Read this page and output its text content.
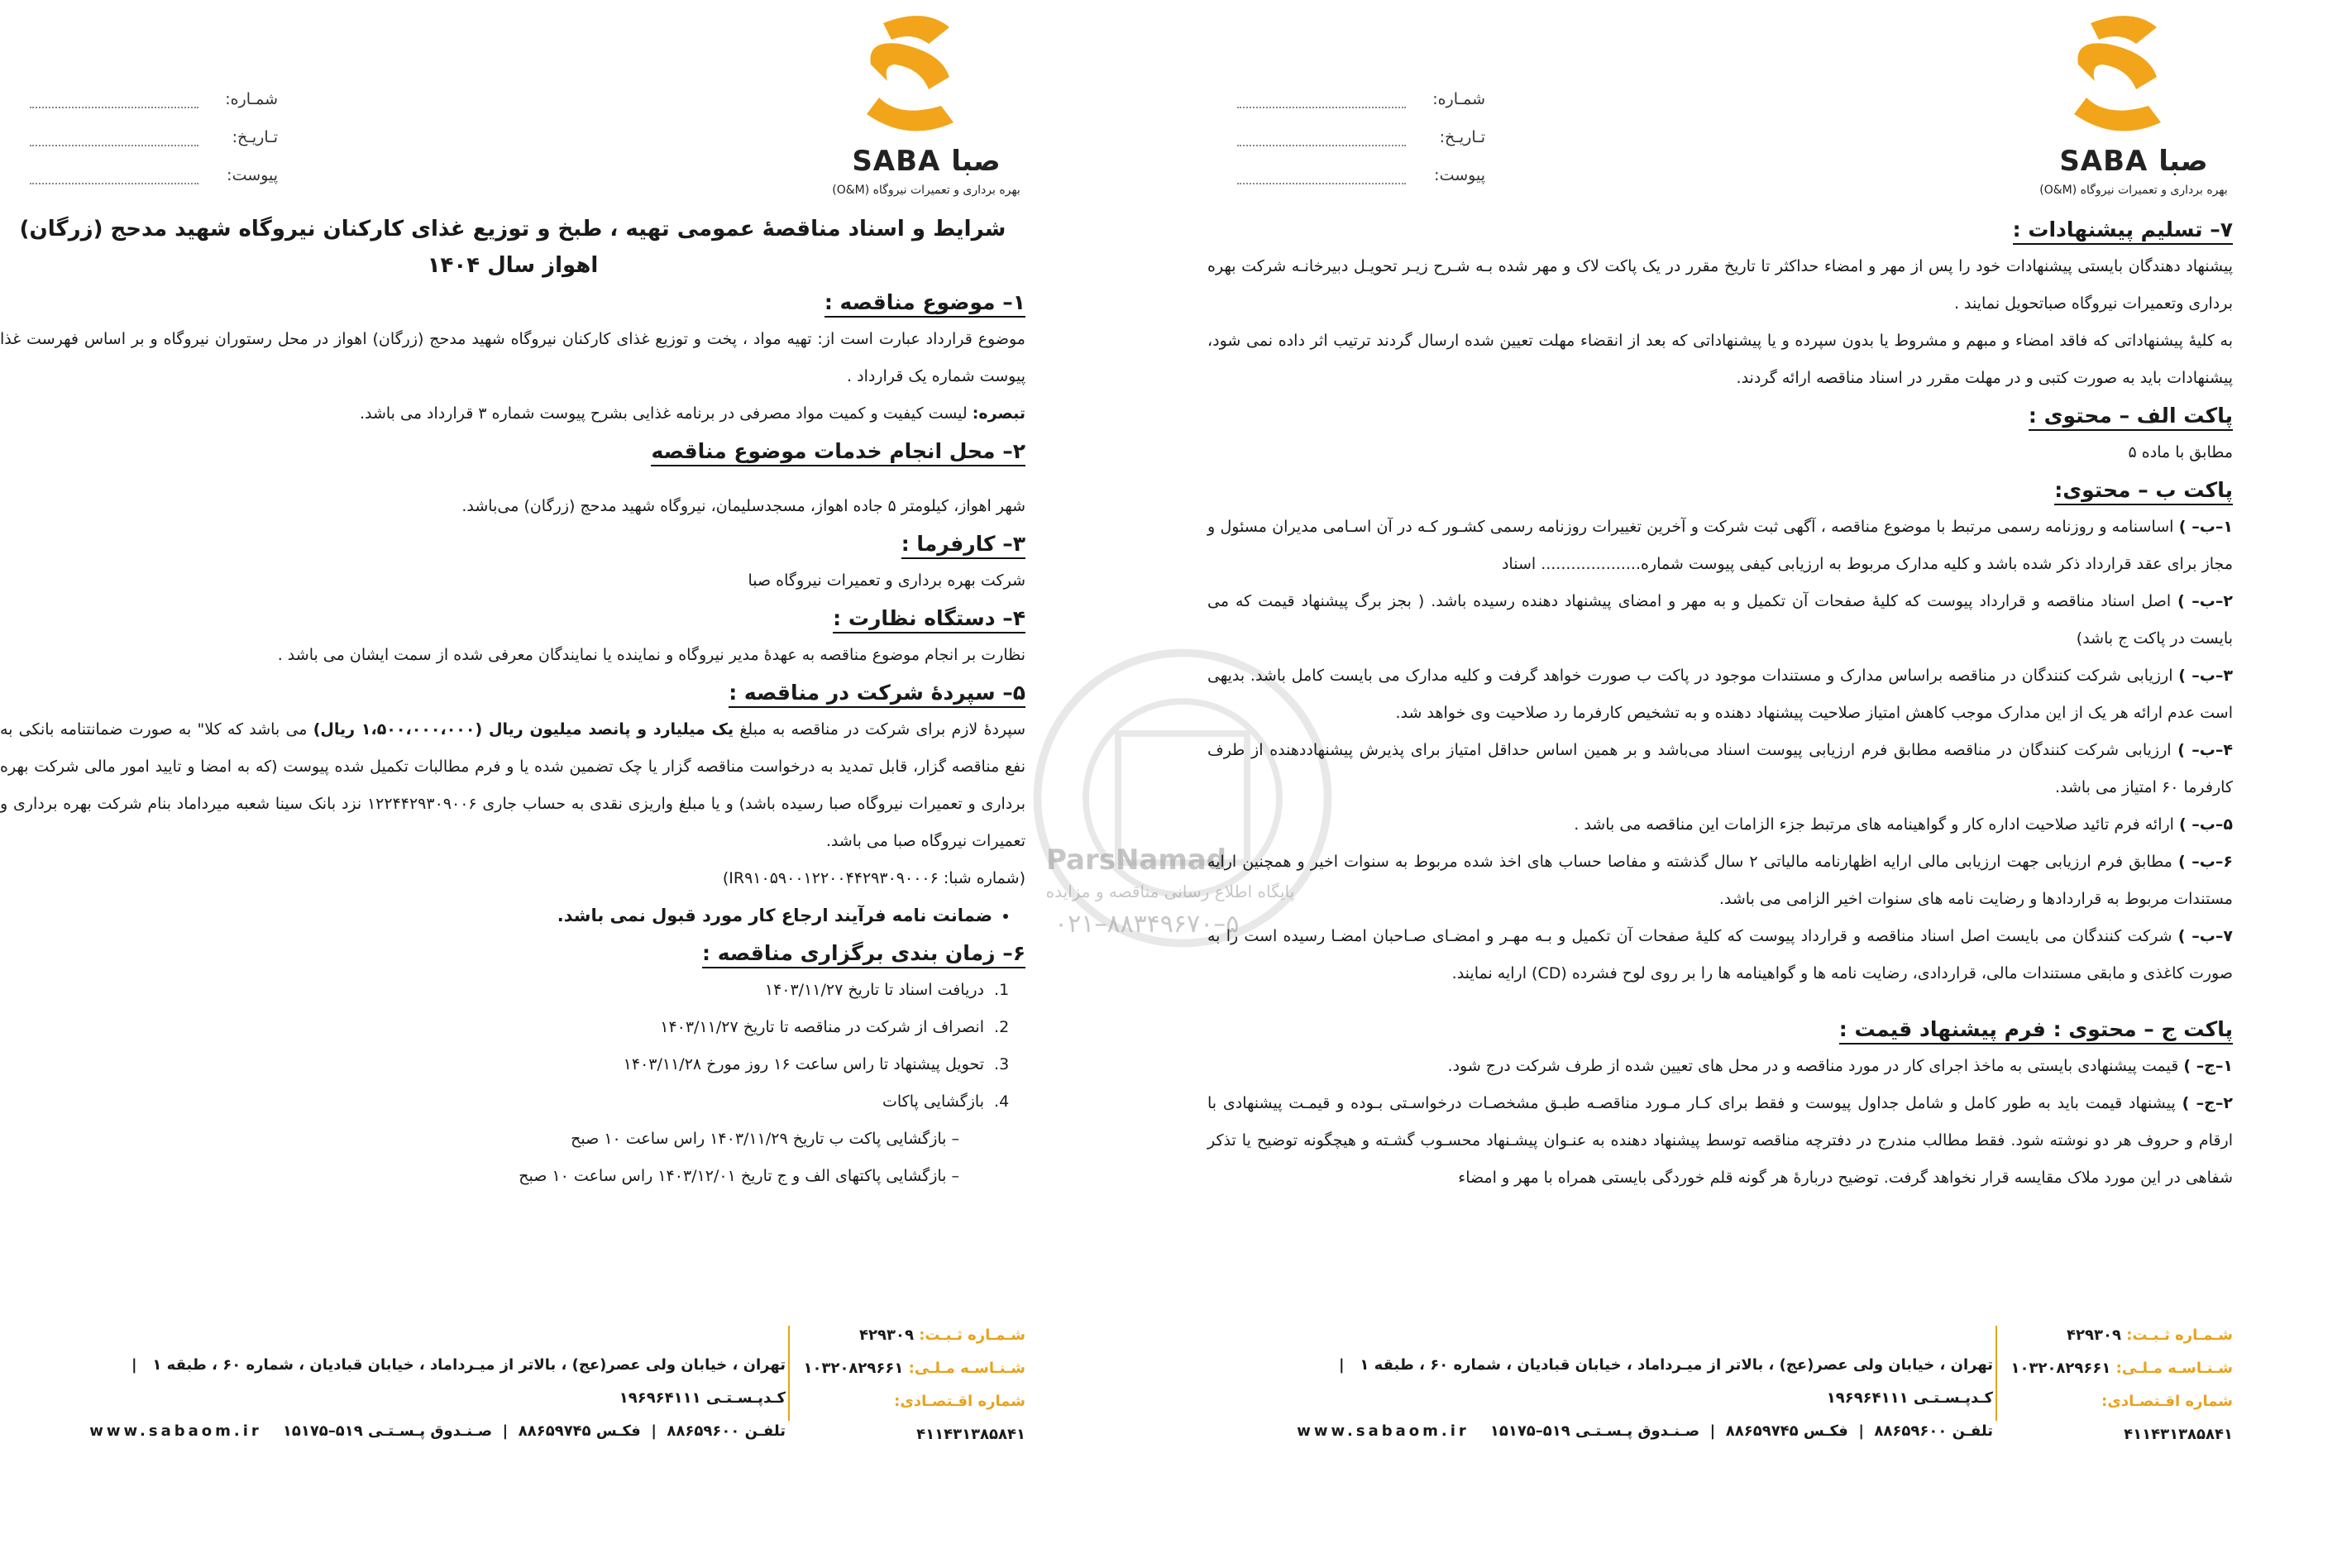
ParsNamad
پایگاه اطلاع رسانی مناقصه و مزایده
۰۲۱–۸۸۳۴۹۶۷۰–۵
SABA صبا
بهره برداری و تعمیرات نیروگاه (O&M)
شمـاره:
تـاریـخ:
پیوست:

شرایط و اسناد مناقصهٔ عمومی تهیه ، طبخ و توزیع غذای کارکنان نیروگاه شهید مدحج (زرگان) اهواز سال ۱۴۰۴

۱– موضوع مناقصه :

موضوع قرارداد عبارت است از: تهیه مواد ، پخت و توزیع غذای کارکنان نیروگاه شهید مدحج (زرگان) اهواز در محل رستوران نیروگاه و بر اساس فهرست غذا پیوست شماره یک قرارداد .

تبصره: لیست کیفیت و کمیت مواد مصرفی در برنامه غذایی بشرح پیوست شماره ۳ قرارداد می باشد.

۲– محل انجام خدمات موضوع مناقصه

شهر اهواز، کیلومتر ۵ جاده اهواز، مسجدسلیمان، نیروگاه شهید مدحج (زرگان) می‌باشد.

۳– کارفرما :

شرکت بهره برداری و تعمیرات نیروگاه صبا

۴– دستگاه نظارت :

نظارت بر انجام موضوع مناقصه به عهدهٔ مدیر نیروگاه و نماینده یا نمایندگان معرفی شده از سمت ایشان می باشد .

۵– سپردهٔ شرکت در مناقصه :

سپردهٔ لازم برای شرکت در مناقصه به مبلغ یک میلیارد و پانصد میلیون ریال (۱،۵۰۰،۰۰۰،۰۰۰ ریال) می باشد که کلا" به صورت ضمانتنامه بانکی به نفع مناقصه گزار، قابل تمدید به درخواست مناقصه گزار یا چک تضمین شده یا و فرم مطالبات تکمیل شده پیوست (که به امضا و تایید امور مالی شرکت بهره برداری و تعمیرات نیروگاه صبا رسیده باشد) و یا مبلغ واریزی نقدی به حساب جاری ۱۲۲۴۴۲۹۳۰۹۰۰۶ نزد بانک سینا شعبه میرداماد بنام شرکت بهره برداری و تعمیرات نیروگاه صبا می باشد.

(شماره شبا: IR۹۱۰۵۹۰۰۱۲۲۰۰۴۴۲۹۳۰۹۰۰۰۶)

• ضمانت نامه فرآیند ارجاع کار مورد قبول نمی باشد.

۶– زمان بندی برگزاری مناقصه :

1. دریافت اسناد تا تاریخ ۱۴۰۳/۱۱/۲۷
2. انصراف از شرکت در مناقصه تا تاریخ ۱۴۰۳/۱۱/۲۷
3. تحویل پیشنهاد تا راس ساعت ۱۶ روز مورخ ۱۴۰۳/۱۱/۲۸
4. بازگشایی پاکات
– بازگشایی پاکت ب تاریخ ۱۴۰۳/۱۱/۲۹ راس ساعت ۱۰ صبح
– بازگشایی پاکتهای الف و ج تاریخ ۱۴۰۳/۱۲/۰۱ راس ساعت ۱۰ صبح
شـمـاره ثـبـت: ۴۲۹۳۰۹
شـنـاسـه مـلـی: ۱۰۳۲۰۸۲۹۶۶۱
شماره اقـتصـادی: ۴۱۱۴۳۱۳۸۵۸۴۱
تهران ، خیابان ولی عصر(عج) ، بالاتر از میـرداماد ، خیابان قبادیان ، شماره ۶۰ ، طبقه ۱   |   کـدپـسـتـی ۱۹۶۹۶۴۱۱۱
تلفـن ۸۸۶۵۹۶۰۰  |  فکـس ۸۸۶۵۹۷۴۵  |  صـنـدوق پـسـتـی ۵۱۹–۱۵۱۷۵    www.sabaom.ir
SABA صبا
بهره برداری و تعمیرات نیروگاه (O&M)
شمـاره:
تـاریـخ:
پیوست:

۷– تسلیم پیشنهادات :

پیشنهاد دهندگان بایستی پیشنهادات خود را پس از مهر و امضاء حداکثر تا تاریخ مقرر در یک پاکت لاک و مهر شده بـه شـرح زیـر تحویـل دبیرخانـه شرکت بهره برداری وتعمیرات نیروگاه صباتحویل نمایند .

به کلیهٔ پیشنهاداتی که فاقد امضاء و مبهم و مشروط یا بدون سپرده و یا پیشنهاداتی که بعد از انقضاء مهلت تعیین شده ارسال گردند ترتیب اثر داده نمی شود، پیشنهادات باید به صورت کتبی و در مهلت مقرر در اسناد مناقصه ارائه گردند.

پاکت الف – محتوی :

مطابق با ماده ۵

پاکت ب – محتوی:

۱–ب– ) اساسنامه و روزنامه رسمی مرتبط با موضوع مناقصه ، آگهی ثبت شرکت و آخرین تغییرات روزنامه رسمی کشـور کـه در آن اسـامی مدیران مسئول و مجاز برای عقد قرارداد ذکر شده باشد و کلیه مدارک مربوط به ارزیابی کیفی پیوست شماره.................... اسناد

۲–ب– ) اصل اسناد مناقصه و قرارداد پیوست که کلیهٔ صفحات آن تکمیل و به مهر و امضای پیشنهاد دهنده رسیده باشد. ( بجز برگ پیشنهاد قیمت که می بایست در پاکت ج باشد)

۳–ب– ) ارزیابی شرکت کنندگان در مناقصه براساس مدارک و مستندات موجود در پاکت ب صورت خواهد گرفت و کلیه مدارک می بایست کامل باشد. بدیهی است عدم ارائه هر یک از این مدارک موجب کاهش امتیاز صلاحیت پیشنهاد دهنده و به تشخیص کارفرما رد صلاحیت وی خواهد شد.

۴–ب– ) ارزیابی شرکت کنندگان در مناقصه مطابق فرم ارزیابی پیوست اسناد می‌باشد و بر همین اساس حداقل امتیاز برای پذیرش پیشنهاددهنده از طرف کارفرما ۶۰ امتیاز می باشد.

۵–ب– ) ارائه فرم تائید صلاحیت اداره کار و گواهینامه های مرتبط جزء الزامات این مناقصه می باشد .

۶–ب– ) مطابق فرم ارزیابی جهت ارزیابی مالی ارایه اظهارنامه مالیاتی ۲ سال گذشته و مفاصا حساب های اخذ شده مربوط به سنوات اخیر و همچنین ارایه مستندات مربوط به قراردادها و رضایت نامه های سنوات اخیر الزامی می باشد.

۷–ب– ) شرکت کنندگان می بایست اصل اسناد مناقصه و قرارداد پیوست که کلیهٔ صفحات آن تکمیل و بـه مهـر و امضـای صـاحبان امضـا رسیده است را به صورت کاغذی و مابقی مستندات مالی، قراردادی، رضایت نامه ها و گواهینامه ها را بر روی لوح فشرده (CD) ارایه نمایند.

پاکت ج – محتوی : فرم پیشنهاد قیمت :

۱–ج– ) قیمت پیشنهادی بایستی به ماخذ اجرای کار در مورد مناقصه و در محل های تعیین شده از طرف شرکت درج شود.

۲–ج– ) پیشنهاد قیمت باید به طور کامل و شامل جداول پیوست و فقط برای کـار مـورد مناقصـه طبـق مشخصـات درخواسـتی بـوده و قیمـت پیشنهادی با ارقام و حروف هر دو نوشته شود. فقط مطالب مندرج در دفترچه مناقصه توسط پیشنهاد دهنده به عنـوان پیشـنهاد محسـوب گشـته و هیچگونه توضیح یا تذکر شفاهی در این مورد ملاک مقایسه قرار نخواهد گرفت. توضیح دربارهٔ هر گونه قلم خوردگی بایستی همراه با مهر و امضاء

شـمـاره ثـبـت: ۴۲۹۳۰۹
شـنـاسـه مـلـی: ۱۰۳۲۰۸۲۹۶۶۱
شماره اقـتصـادی: ۴۱۱۴۳۱۳۸۵۸۴۱
تهران ، خیابان ولی عصر(عج) ، بالاتر از میـرداماد ، خیابان قبادیان ، شماره ۶۰ ، طبقه ۱   |   کـدپـسـتـی ۱۹۶۹۶۴۱۱۱
تلفـن ۸۸۶۵۹۶۰۰  |  فکـس ۸۸۶۵۹۷۴۵  |  صـنـدوق پـسـتـی ۵۱۹–۱۵۱۷۵    www.sabaom.ir
